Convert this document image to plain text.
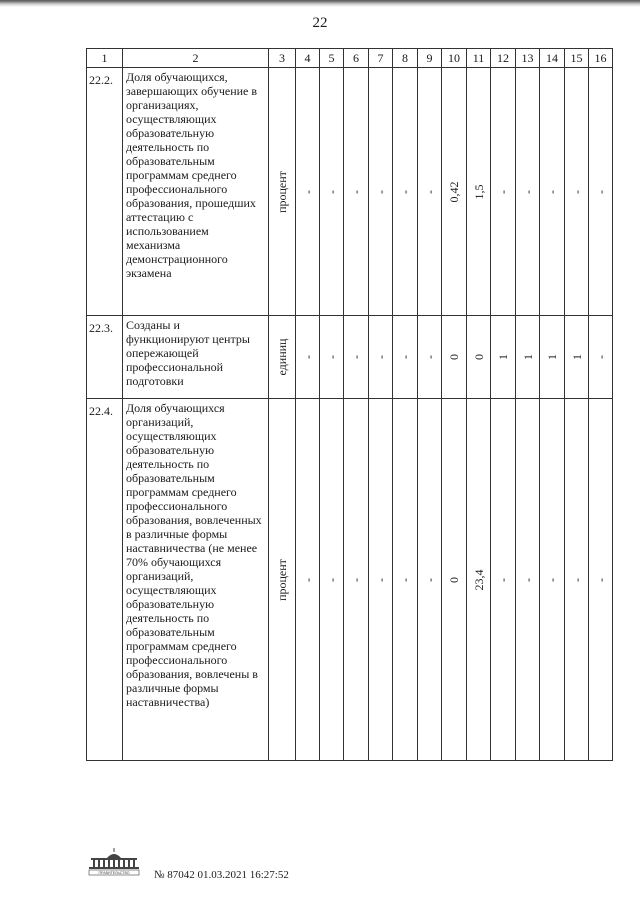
22
1	2	3	4	5	6	7	8	9	10	11	12	13	14	15	16
22.2.	Доля обучающихся, завершающих обучение в организациях, осуществляющих образовательную деятельность по образовательным программам среднего профессионального образования, прошедших аттестацию с использованием механизма демонстрационного экзамена	процент	-	-	-	-	-	-	0,42	1,5	-	-	-	-	-

22.3.	Созданы и функционируют центры опережающей профессиональной подготовки	единиц	-	-	-	-	-	-	0	0	1	1	1	1	-

22.4.	Доля обучающихся организаций, осуществляющих образовательную деятельность по образовательным программам среднего профессионального образования, вовлеченных в различные формы наставничества (не менее 70% обучающихся организаций, осуществляющих образовательную деятельность по образовательным программам среднего профессионального образования, вовлечены в различные формы наставничества)	процент	-	-	-	-	-	-	0	23,4	-	-	-	-	-
ПРАВИТЕЛЬСТВО № 87042 01.03.2021 16:27:52
